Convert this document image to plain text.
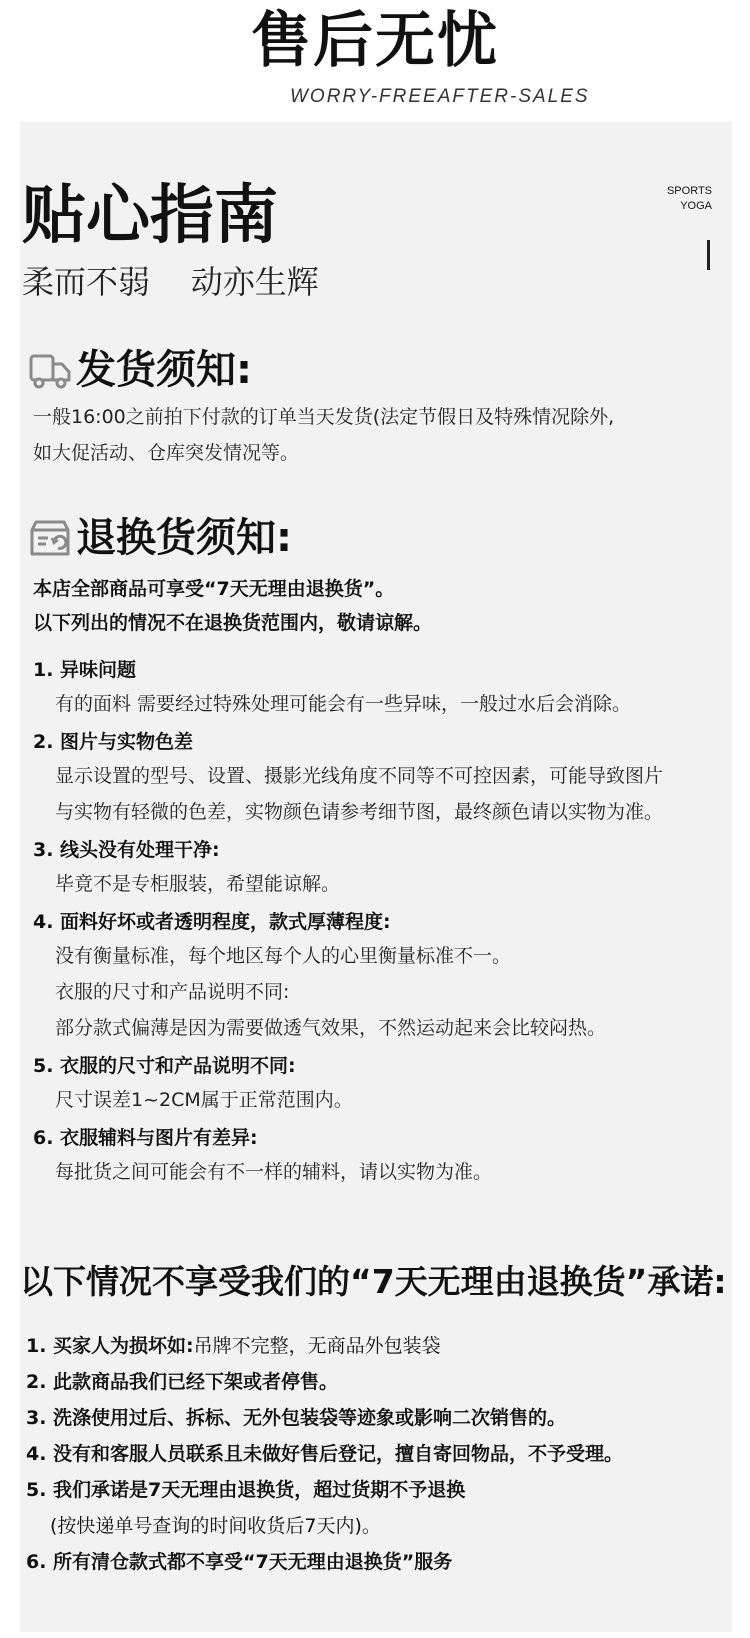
售后无忧
WORRY-FREEAFTER-SALES
贴心指南
柔而不弱    动亦生辉
SPORTS
YOGA
发货须知:
一般16:00之前拍下付款的订单当天发货(法定节假日及特殊情况除外,
如大促活动、仓库突发情况等。
退换货须知:
本店全部商品可享受“7天无理由退换货”。
以下列出的情况不在退换货范围内，敬请谅解。
1. 异味问题
有的面料 需要经过特殊处理可能会有一些异味，一般过水后会消除。
2. 图片与实物色差
显示设置的型号、设置、摄影光线角度不同等不可控因素，可能导致图片
与实物有轻微的色差，实物颜色请参考细节图，最终颜色请以实物为准。
3. 线头没有处理干净:
毕竟不是专柜服装，希望能谅解。
4. 面料好坏或者透明程度，款式厚薄程度:
没有衡量标准，每个地区每个人的心里衡量标准不一。
衣服的尺寸和产品说明不同:
部分款式偏薄是因为需要做透气效果，不然运动起来会比较闷热。
5. 衣服的尺寸和产品说明不同:
尺寸误差1~2CM属于正常范围内。
6. 衣服辅料与图片有差异:
每批货之间可能会有不一样的辅料，请以实物为准。
以下情况不享受我们的“7天无理由退换货”承诺:
1. 买家人为损坏如:吊牌不完整，无商品外包装袋
2. 此款商品我们已经下架或者停售。
3. 洗涤使用过后、拆标、无外包装袋等迹象或影响二次销售的。
4. 没有和客服人员联系且未做好售后登记，擅自寄回物品，不予受理。
5. 我们承诺是7天无理由退换货，超过货期不予退换
(按快递单号查询的时间收货后7天内)。
6. 所有清仓款式都不享受“7天无理由退换货”服务
